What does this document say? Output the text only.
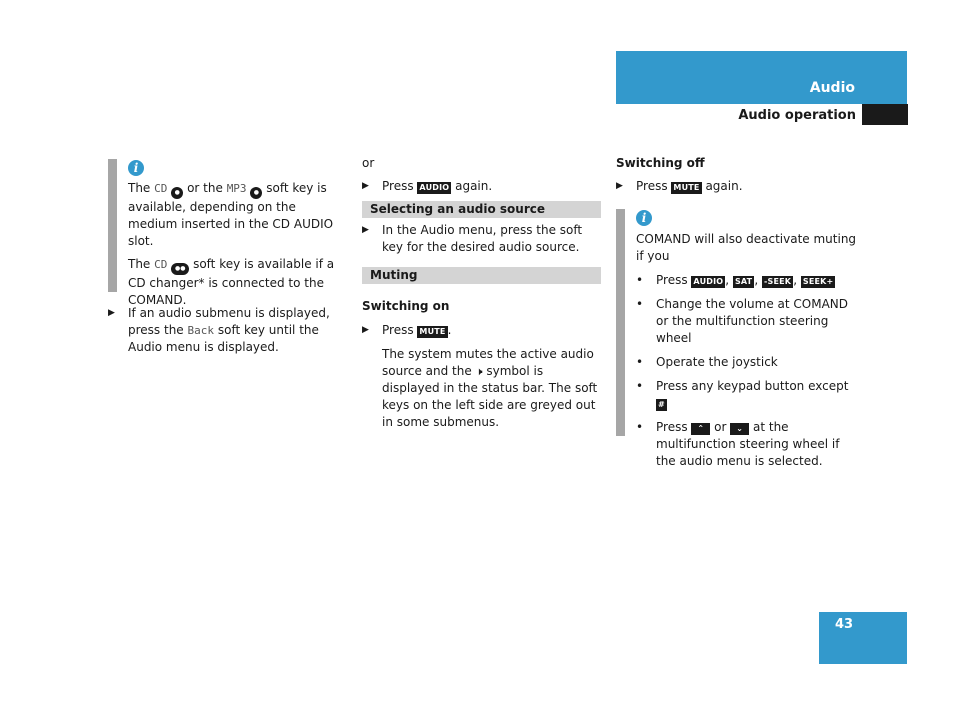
Audio
Audio operation
i

The CD ● or the MP3 ● soft key is available, depending on the medium inserted in the CD AUDIO slot.

The CD ●● soft key is available if a CD changer* is connected to the COMAND.

▶ If an audio submenu is displayed, press the Back soft key until the Audio menu is displayed.

or

▶ Press AUDIO again.

Selecting an audio source
▶ In the Audio menu, press the soft key for the desired audio source.

Muting

Switching on

▶ Press MUTE .

The system mutes the active audio source and the 🕨 symbol is displayed in the status bar. The soft keys on the left side are greyed out in some submenus.

Switching off

▶ Press MUTE again.

i

COMAND will also deactivate muting if you

• Press AUDIO , SAT , -SEEK , SEEK+

• Change the volume at COMAND or the multifunction steering wheel

• Operate the joystick

• Press any keypad button except #

• Press ⌃ or ⌄ at the multifunction steering wheel if the audio menu is selected.

43
